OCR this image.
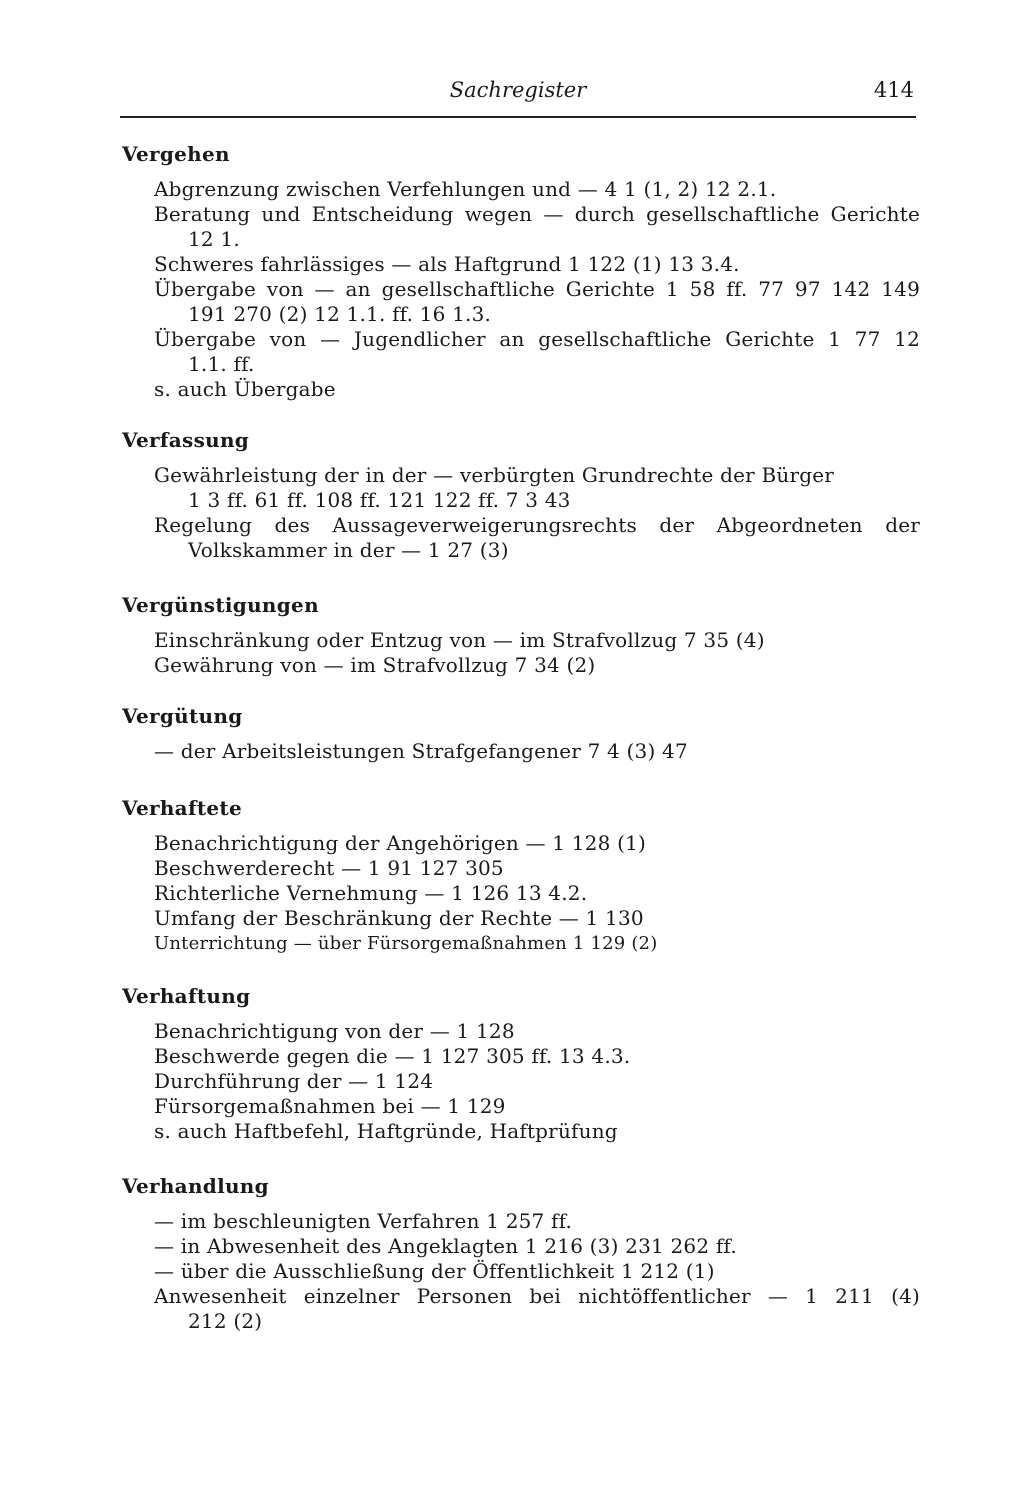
Sachregister	414
Vergehen
Abgrenzung zwischen Verfehlungen und — 4 1 (1, 2) 12 2.1.
Beratung und Entscheidung wegen — durch gesellschaftliche Gerichte
12 1.
Schweres fahrlässiges — als Haftgrund 1 122 (1) 13 3.4.
Übergabe von — an gesellschaftliche Gerichte 1 58 ff. 77 97 142 149
191 270 (2) 12 1.1. ff. 16 1.3.
Übergabe von — Jugendlicher an gesellschaftliche Gerichte 1 77 12
1.1. ff.
s. auch Übergabe
Verfassung
Gewährleistung der in der — verbürgten Grundrechte der Bürger
1 3 ff. 61 ff. 108 ff. 121 122 ff. 7 3 43
Regelung des Aussageverweigerungsrechts der Abgeordneten der
Volkskammer in der — 1 27 (3)
Vergünstigungen
Einschränkung oder Entzug von — im Strafvollzug 7 35 (4)
Gewährung von — im Strafvollzug 7 34 (2)
Vergütung
— der Arbeitsleistungen Strafgefangener 7 4 (3) 47
Verhaftete
Benachrichtigung der Angehörigen — 1 128 (1)
Beschwerderecht — 1 91 127 305
Richterliche Vernehmung — 1 126 13 4.2.
Umfang der Beschränkung der Rechte — 1 130
Unterrichtung — über Fürsorgemaßnahmen 1 129 (2)
Verhaftung
Benachrichtigung von der — 1 128
Beschwerde gegen die — 1 127 305 ff. 13 4.3.
Durchführung der — 1 124
Fürsorgemaßnahmen bei — 1 129
s. auch Haftbefehl, Haftgründe, Haftprüfung
Verhandlung
— im beschleunigten Verfahren 1 257 ff.
— in Abwesenheit des Angeklagten 1 216 (3) 231 262 ff.
— über die Ausschließung der Öffentlichkeit 1 212 (1)
Anwesenheit einzelner Personen bei nichtöffentlicher — 1 211 (4)
212 (2)
